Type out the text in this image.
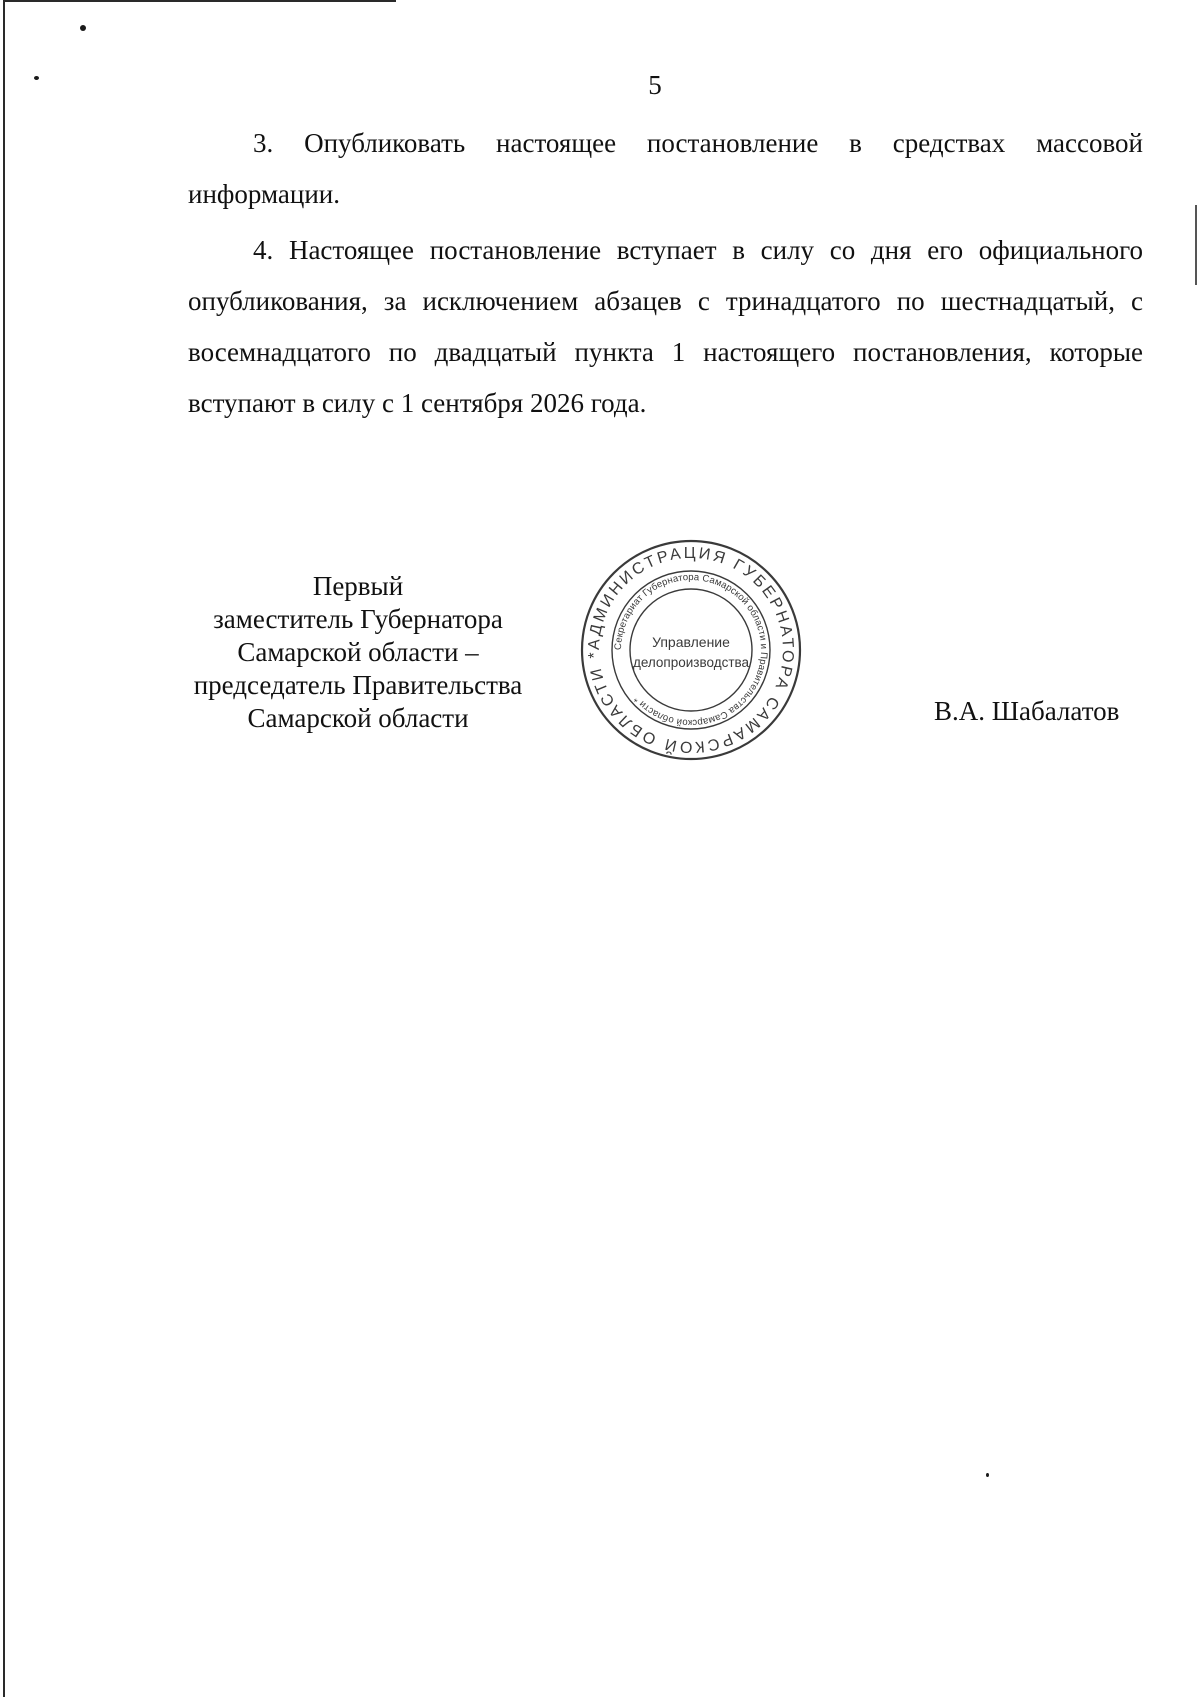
5

3. Опубликовать настоящее постановление в средствах массовой информации.

4. Настоящее постановление вступает в силу со дня его официального опубликования, за исключением абзацев с тринадцатого по шестнадцатый, с восемнадцатого по двадцатый пункта 1 настоящего постановления, которые вступают в силу с 1 сентября 2026 года.

Первый
заместитель Губернатора
Самарской области –
председатель Правительства
Самарской области
АДМИНИСТРАЦИЯ ГУБЕРНАТОРА САМАРСКОЙ ОБЛАСТИ *
Секретариат Губернатора Самарской области и Правительства Самарской области *
Управление
делопроизводства
В.А. Шабалатов
